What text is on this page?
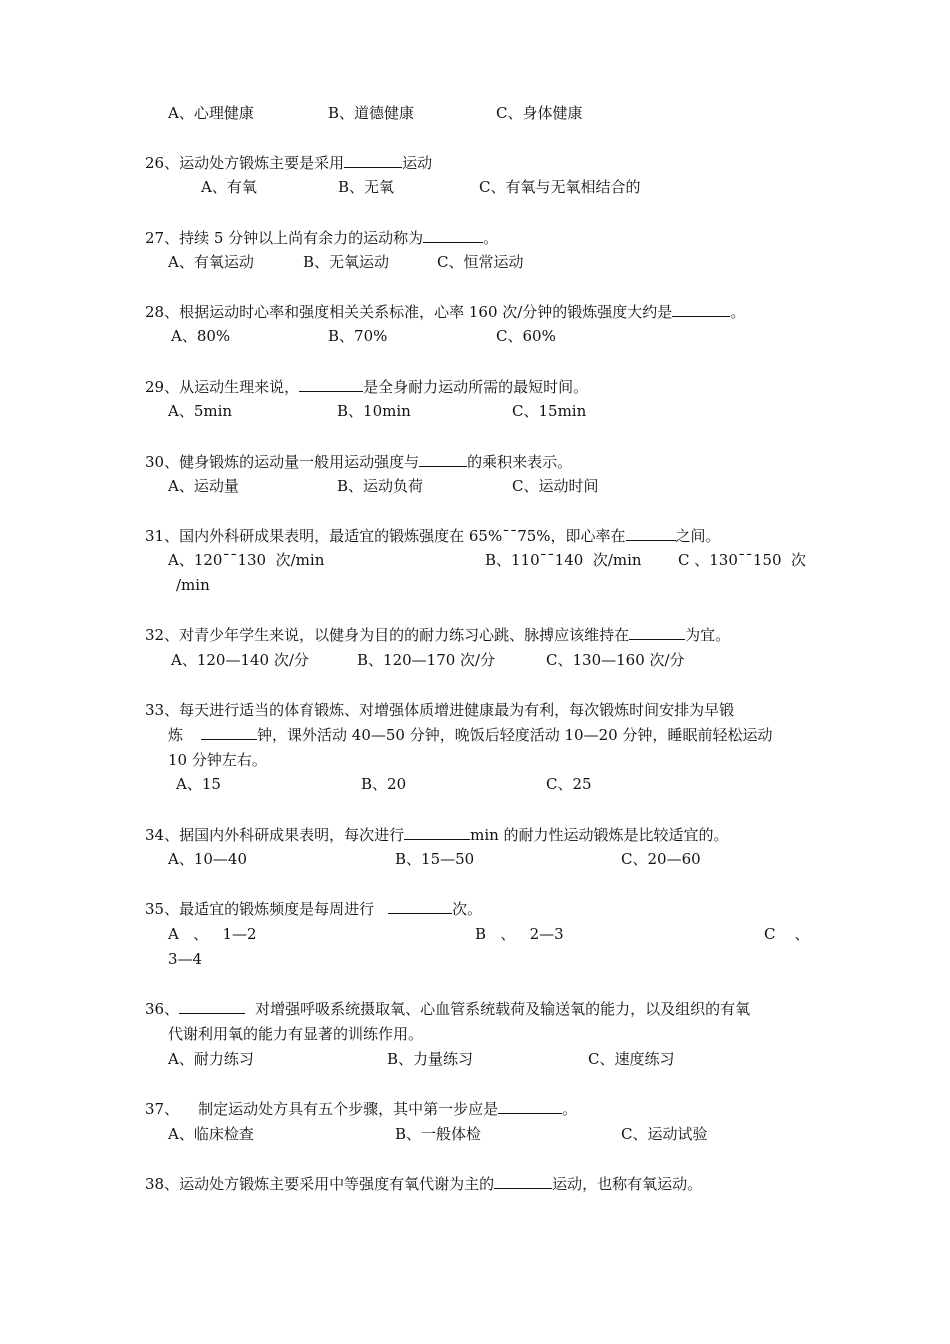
A、心理健康	B、道德健康	C、身体健康
26、运动处方锻炼主要是采用	运动
A、有氧	B、无氧	C、有氧与无氧相结合的
27、持续 5 分钟以上尚有余力的运动称为	。
A、有氧运动	B、无氧运动	C、恒常运动
28、根据运动时心率和强度相关关系标准，心率 160 次/分钟的锻炼强度大约是	。
A、80%	B、70%	C、60%
29、从运动生理来说，	是全身耐力运动所需的最短时间。
A、5min	B、10min	C、15min
30、健身锻炼的运动量一般用运动强度与	的乘积来表示。
A、运动量	B、运动负荷	C、运动时间
31、国内外科研成果表明，最适宜的锻炼强度在 65%¯¯75%，即心率在	之间。
A、120¯¯130  次/min	B、110¯¯140  次/min C 、130¯¯150  次
/min
32、对青少年学生来说，以健身为目的的耐力练习心跳、脉搏应该维持在	为宜。
A、120—140 次/分	B、120—170 次/分	C、130—160 次/分
33、每天进行适当的体育锻炼、对增强体质增进健康最为有利，每次锻炼时间安排为早锻
炼	钟，课外活动 40—50 分钟，晚饭后轻度活动 10—20 分钟，睡眠前轻松运动
10 分钟左右。
A、15	B、20	C、25
34、据国内外科研成果表明，每次进行	min 的耐力性运动锻炼是比较适宜的。
A、10—40	B、15—50	C、20—60
35、最适宜的锻炼频度是每周进行	次。
A   、   1—2	B   、   2—3	C    、
3—4
36、	对增强呼吸系统摄取氧、心血管系统载荷及输送氧的能力，以及组织的有氧
代谢利用氧的能力有显著的训练作用。
A、耐力练习	B、力量练习	C、速度练习
37、    制定运动处方具有五个步骤，其中第一步应是	。
A、临床检查	B、一般体检	C、运动试验
38、运动处方锻炼主要采用中等强度有氧代谢为主的	运动，也称有氧运动。
